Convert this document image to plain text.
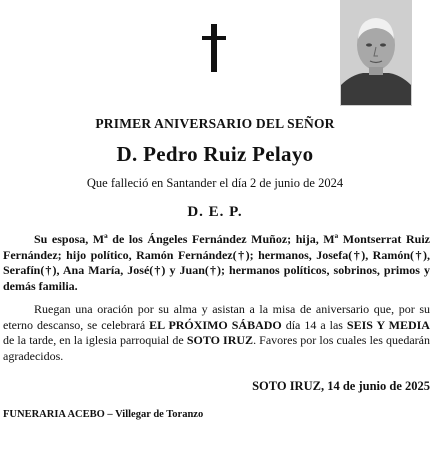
PRIMER ANIVERSARIO DEL SEÑOR
D. Pedro Ruiz Pelayo
Que falleció en Santander el día 2 de junio de 2024
D. E. P.
Su esposa, Mª de los Ángeles Fernández Muñoz; hija, Mª Montserrat Ruiz Fernández; hijo político, Ramón Fernández(†); hermanos, Josefa(†), Ramón(†), Serafín(†), Ana María, José(†) y Juan(†); hermanos políticos, sobrinos, primos y demás familia.
Ruegan una oración por su alma y asistan a la misa de aniversario que, por su eterno descanso, se celebrará EL PRÓXIMO SÁBADO día 14 a las SEIS Y MEDIA de la tarde, en la iglesia parroquial de SOTO IRUZ. Favores por los cuales les quedarán agradecidos.
SOTO IRUZ, 14 de junio de 2025
FUNERARIA ACEBO – Villegar de Toranzo
